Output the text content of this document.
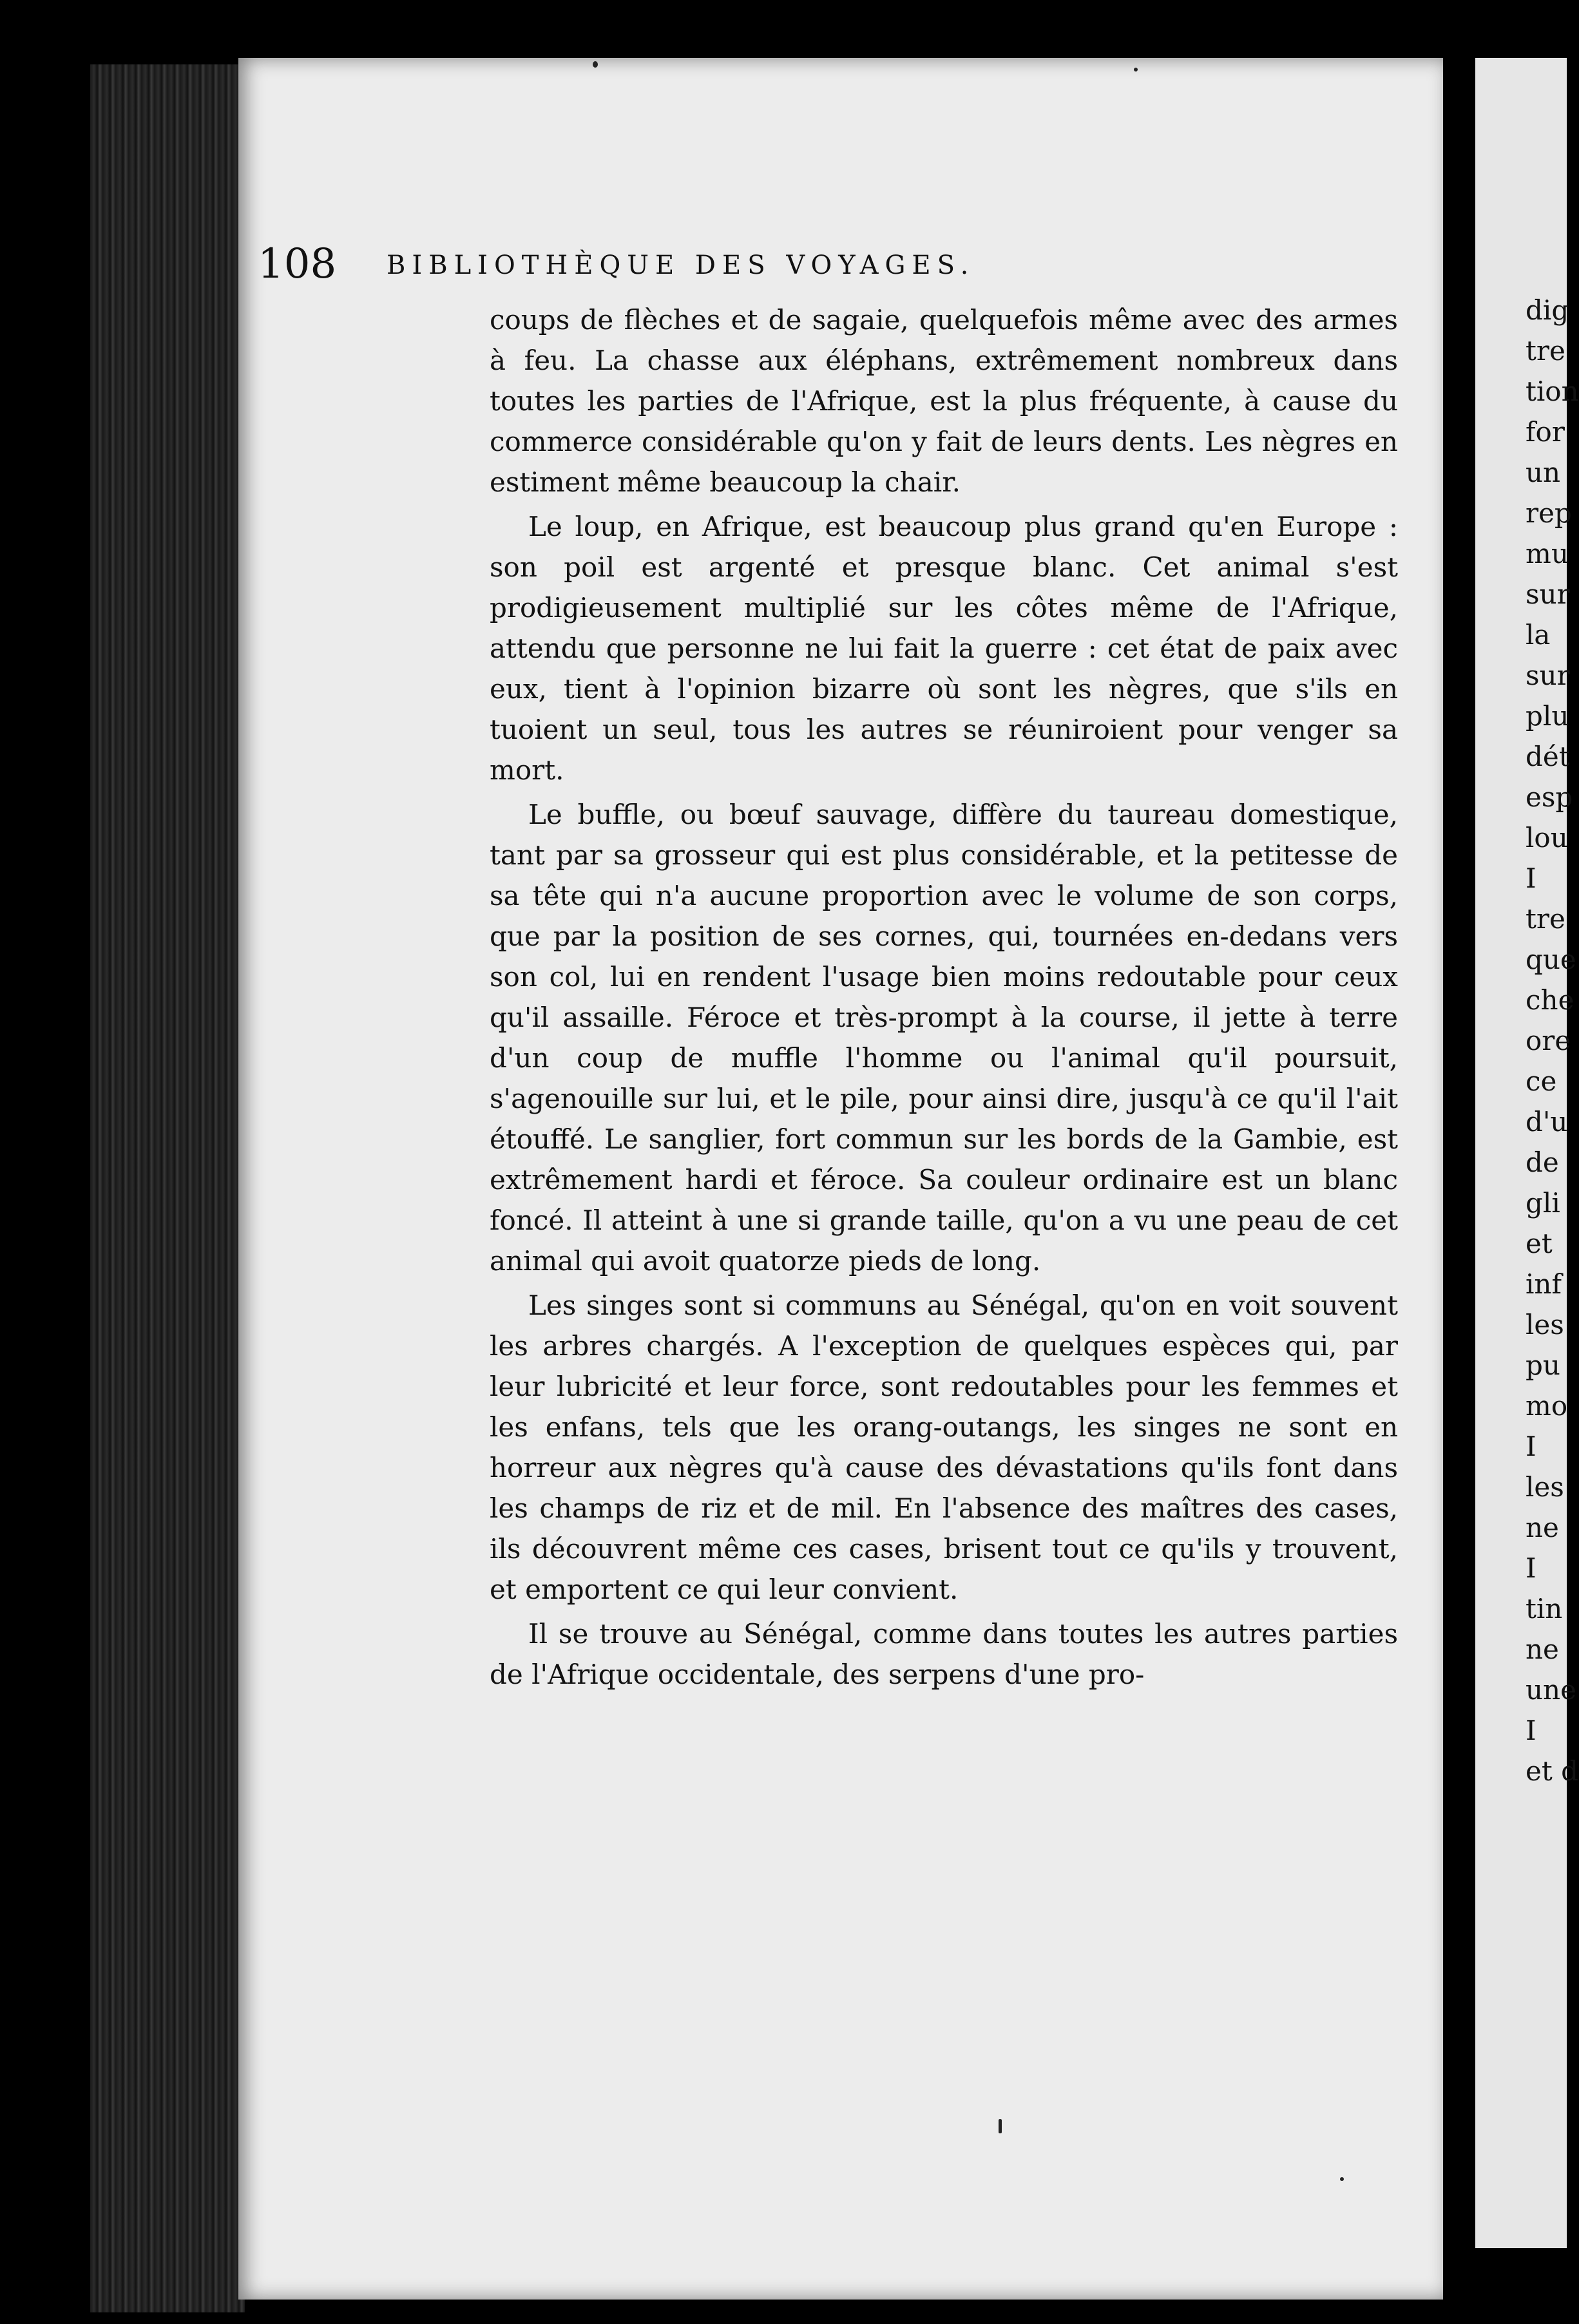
108 BIBLIOTHÈQUE DES VOYAGES.

coups de flèches et de sagaie, quelquefois même avec des armes à feu. La chasse aux éléphans, extrêmement nombreux dans toutes les parties de l'Afrique, est la plus fréquente, à cause du commerce considérable qu'on y fait de leurs dents. Les nègres en estiment même beaucoup la chair.

Le loup, en Afrique, est beaucoup plus grand qu'en Europe : son poil est argenté et presque blanc. Cet animal s'est prodigieusement multiplié sur les côtes même de l'Afrique, attendu que personne ne lui fait la guerre : cet état de paix avec eux, tient à l'opinion bizarre où sont les nègres, que s'ils en tuoient un seul, tous les autres se réuniroient pour venger sa mort.

Le buffle, ou bœuf sauvage, diffère du taureau domestique, tant par sa grosseur qui est plus considérable, et la petitesse de sa tête qui n'a aucune proportion avec le volume de son corps, que par la position de ses cornes, qui, tournées en-dedans vers son col, lui en rendent l'usage bien moins redoutable pour ceux qu'il assaille. Féroce et très-prompt à la course, il jette à terre d'un coup de muffle l'homme ou l'animal qu'il poursuit, s'agenouille sur lui, et le pile, pour ainsi dire, jusqu'à ce qu'il l'ait étouffé. Le sanglier, fort commun sur les bords de la Gambie, est extrêmement hardi et féroce. Sa couleur ordinaire est un blanc foncé. Il atteint à une si grande taille, qu'on a vu une peau de cet animal qui avoit quatorze pieds de long.

Les singes sont si communs au Sénégal, qu'on en voit souvent les arbres chargés. A l'exception de quelques espèces qui, par leur lubricité et leur force, sont redoutables pour les femmes et les enfans, tels que les orang-outangs, les singes ne sont en horreur aux nègres qu'à cause des dévastations qu'ils font dans les champs de riz et de mil. En l'absence des maîtres des cases, ils découvrent même ces cases, brisent tout ce qu'ils y trouvent, et emportent ce qui leur convient.

Il se trouve au Sénégal, comme dans toutes les autres parties de l'Afrique occidentale, des serpens d'une pro-

dig
tre
tion
for
un
rep
mu
sur
la
sur
plu
dét
esp
lou
I
tre
que
che
ore
ce
d'u
de
gli
et
inf
les
pu
mo
I
les
ne
I
tin
ne
une
I
et d
